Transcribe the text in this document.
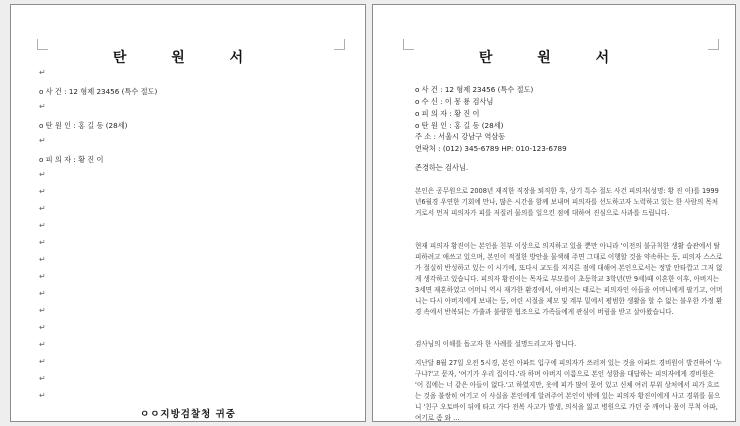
탄 원 서
o 사 건 : 12 형제 23456 (특수 절도)
o 탄 원 인 : 홍 길 동 (28세)
o 피 의 자 : 황 진 이
↵
↵
↵
↵
↵
↵
↵
↵
↵
↵
↵
↵
↵
↵
↵
↵
↵
ㅇㅇ지방검찰청 귀중
탄 원 서
o 사 건 : 12 형제 23456 (특수 절도)
o 수 신 : 이 몽 룡 검사님
o 피 의 자 : 황 진 이
o 탄 원 인 : 홍 길 동 (28세)
주 소 : 서울시 강남구 역삼동
연락처 : (012) 345-6789 HP: 010-123-6789
존경하는 검사님.
본인은 공무원으로 2008년 재직한 직장을 퇴직한 후, 상기 특수 절도 사건 피의자(성명: 황 진 이)를 1999년6월경 우연한 기회에 만나, 많은 시간을 함께 보내며 피의자를 선도하고자 노력하고 있는 한 사람의 목처거로서 먼저 피의자가 피를 저질러 물의를 일으킨 점에 대하여 진심으로 사과를 드립니다.
현재 피의자 황진이는 본인을 친부 이상으로 의지하고 있을 뿐만 아니라 '이전의 불규칙한 생활 습관에서 탈피하려고 애쓰고 있으며, 본인이 적절한 방안을 물색해 주면 그대로 이행할 것을 약속하는 등, 피의자 스스로가 절실히 반성하고 있는 이 시기에, 또다시 교도를 저지른 점에 대해여 본인으로서는 정말 안타깝고 그저 없게 생각하고 있습니다. 피의자 황진이는 목자로 부모를이 초등학교 3학년(만 9세)때 이혼한 이후, 아버지는 3세면 재혼하였고 어머니 역시 재가한 환경에서, 아버지는 태로는 피의자인 아들을 어머니에게 팔기고, 어머니는 다시 아버지에게 보내는 등, 어린 시절을 제모 및 계부 밑에서 평범한 생활을 할 수 없는 불우한 가정 환경 속에서 반복되는 가출과 불량한 협조으로 가족들에게 관심이 버림을 받고 살아왔습니다.
검사님의 이해를 돕고자 한 사례를 설명드리고자 합니다.
지난달 8월 27일 오전 5시경, 본인 아파트 입구에 피의자가 쓰러져 있는 것을 아파트 경비원이 발견하여 '누구냐?'고 묻자, '여기가 우리 집이다.'라 하며 아버지 이름으로 본인 성함을 대답하는 피의자에게 경비원은 '이 집에는 너 같은 아들이 없다.'고 하였지만, 옷에 피가 많이 묻어 있고 신체 여러 부위 상처에서 피가 흐르는 것을 불쌍히 여기고 이 사실을 본인에게 알려주어 본인이 밖에 있는 피의자 황진이에게 사고 경위를 물으니 '친구 오토바이 뒤에 타고 가다 전복 사고가 발생, 의식을 잃고 병원으로 가던 중 깨어나 몸이 무척 아파, 여기로 좀 와 ...
